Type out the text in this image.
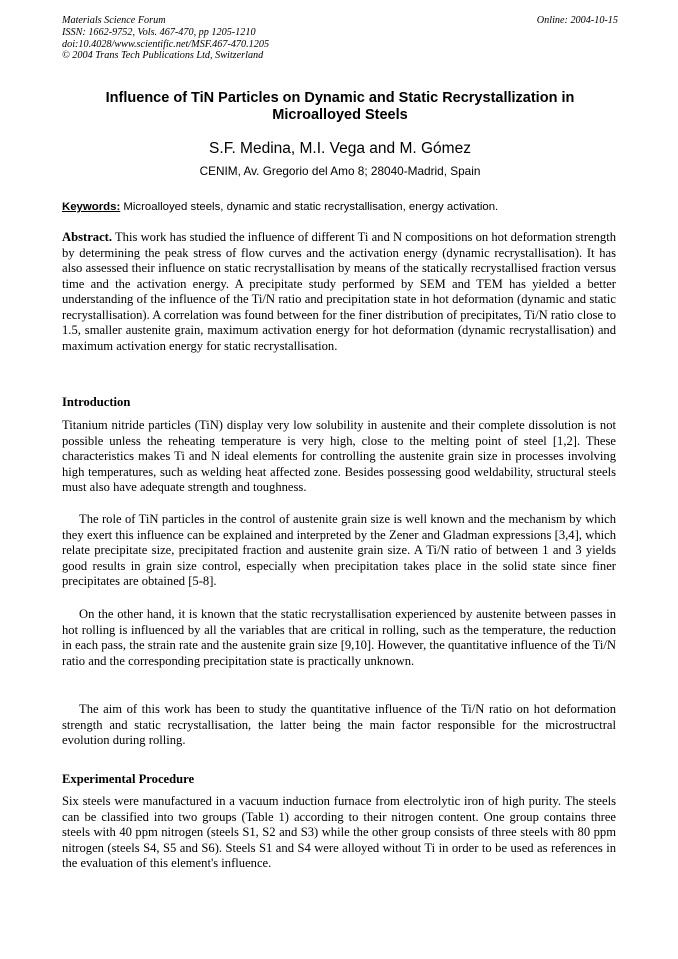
Materials Science Forum
ISSN: 1662-9752, Vols. 467-470, pp 1205-1210
doi:10.4028/www.scientific.net/MSF.467-470.1205
© 2004 Trans Tech Publications Ltd, Switzerland
Online: 2004-10-15
Influence of TiN Particles on Dynamic and Static Recrystallization in Microalloyed Steels
S.F. Medina, M.I. Vega and M. Gómez
CENIM, Av. Gregorio del Amo 8; 28040-Madrid, Spain
Keywords: Microalloyed steels, dynamic and static recrystallisation, energy activation.
Abstract. This work has studied the influence of different Ti and N compositions on hot deformation strength by determining the peak stress of flow curves and the activation energy (dynamic recrystallisation). It has also assessed their influence on static recrystallisation by means of the statically recrystallised fraction versus time and the activation energy. A precipitate study performed by SEM and TEM has yielded a better understanding of the influence of the Ti/N ratio and precipitation state in hot deformation (dynamic and static recrystallisation). A correlation was found between for the finer distribution of precipitates, Ti/N ratio close to 1.5, smaller austenite grain, maximum activation energy for hot deformation (dynamic recrystallisation) and maximum activation energy for static recrystallisation.
Introduction
Titanium nitride particles (TiN) display very low solubility in austenite and their complete dissolution is not possible unless the reheating temperature is very high, close to the melting point of steel [1,2]. These characteristics makes Ti and N ideal elements for controlling the austenite grain size in processes involving high temperatures, such as welding heat affected zone. Besides possessing good weldability, structural steels must also have adequate strength and toughness.
The role of TiN particles in the control of austenite grain size is well known and the mechanism by which they exert this influence can be explained and interpreted by the Zener and Gladman expressions [3,4], which relate precipitate size, precipitated fraction and austenite grain size. A Ti/N ratio of between 1 and 3 yields good results in grain size control, especially when precipitation takes place in the solid state since finer precipitates are obtained [5-8].
On the other hand, it is known that the static recrystallisation experienced by austenite between passes in hot rolling is influenced by all the variables that are critical in rolling, such as the temperature, the reduction in each pass, the strain rate and the austenite grain size [9,10]. However, the quantitative influence of the Ti/N ratio and the corresponding precipitation state is practically unknown.
The aim of this work has been to study the quantitative influence of the Ti/N ratio on hot deformation strength and static recrystallisation, the latter being the main factor responsible for the microstructral evolution during rolling.
Experimental Procedure
Six steels were manufactured in a vacuum induction furnace from electrolytic iron of high purity. The steels can be classified into two groups (Table 1) according to their nitrogen content. One group contains three steels with 40 ppm nitrogen (steels S1, S2 and S3) while the other group consists of three steels with 80 ppm nitrogen (steels S4, S5 and S6). Steels S1 and S4 were alloyed without Ti in order to be used as references in the evaluation of this element's influence.
